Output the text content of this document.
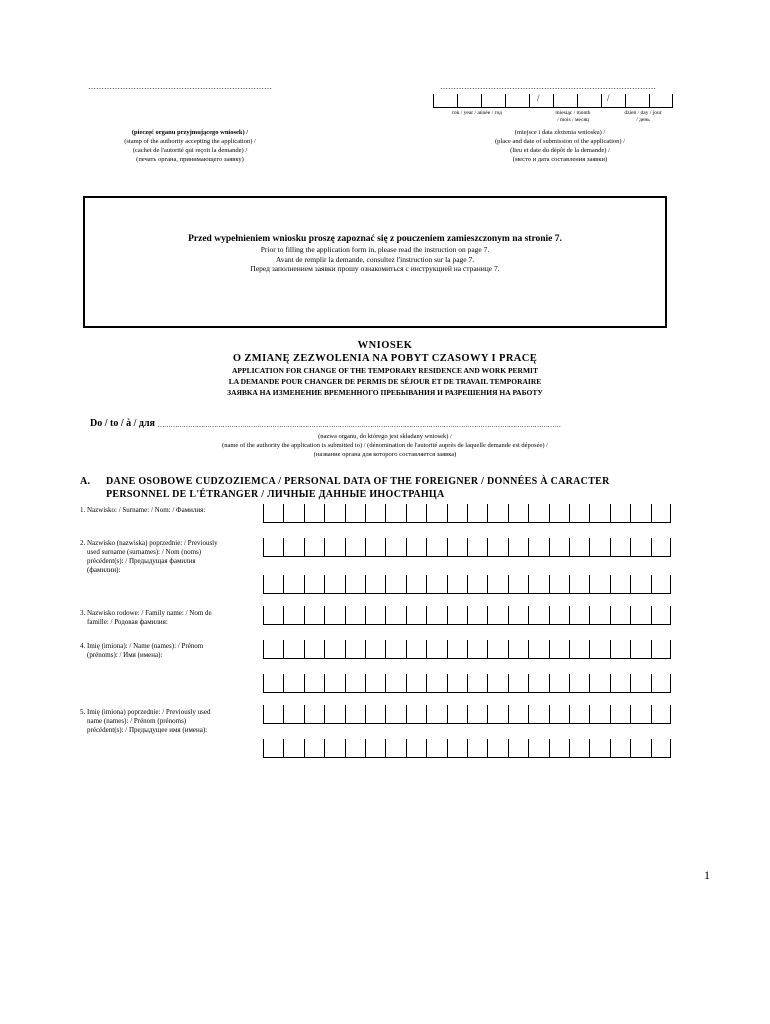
……………………………………………………………
(pieczęć organu przyjmującego wniosek) /
(stamp of the authority accepting the application) /
(cachet de l'autorité qui reçoit la demande) /
(печать органа, принимающего заявку)
………………………………………………………………………
/	/
rok / year / année / год	miesiąc / month / mois / месяц
dzień / day / jour / день
(miejsce i data złożenia wniosku) /
(place and date of submission of the application) /
(lieu et date du dépôt de la demande) /
(место и дата составления заявки)
Przed wypełnieniem wniosku proszę zapoznać się z pouczeniem zamieszczonym na stronie 7.
Prior to filling the application form in, please read the instruction on page 7.
Avant de remplir la demande, consultez l'instruction sur la page 7.
Перед заполнением заявки прошу ознакомиться с инструкцией на странице 7.
WNIOSEK
O ZMIANĘ ZEZWOLENIA NA POBYT CZASOWY I PRACĘ
APPLICATION FOR CHANGE OF THE TEMPORARY RESIDENCE AND WORK PERMIT
LA DEMANDE POUR CHANGER DE PERMIS DE SÉJOUR ET DE TRAVAIL TEMPORAIRE
ЗАЯВКА НА ИЗМЕНЕНИЕ ВРЕМЕННОГО ПРЕБЫВАНИЯ И РАЗРЕШЕНИЯ НА РАБОТУ
Do / to / à / для ……………………………………………………………………………………………………………………………………………………………………
(nazwa organu, do którego jest składany wniosek) /
(name of the authority the application is submitted to) / (dénomination de l'autorité auprès de laquelle demande est déposée) /
(название органа для которого составляется заявка)
A. DANE OSOBOWE CUDZOZIEMCA / PERSONAL DATA OF THE FOREIGNER / DONNÉES À CARACTER
PERSONNEL DE L'ÉTRANGER / ЛИЧНЫЕ ДАННЫЕ ИНОСТРАНЦА
1. Nazwisko: / Surname: / Nom: / Фамилия:
2. Nazwisko (nazwiska) poprzednie: / Previously
used surname (surnames): / Nom (noms)
précédent(s): / Предыдущая фамилия
(фамилии):
3. Nazwisko rodowe: / Family name: / Nom de
famille: / Родовая фамилия:
4. Imię (imiona): / Name (names): / Prénom
(prénoms): / Имя (имена):
5. Imię (imiona) poprzednie: / Previously used
name (names): / Prénom (prénoms)
précédent(s): / Предыдущее имя (имена):
1
